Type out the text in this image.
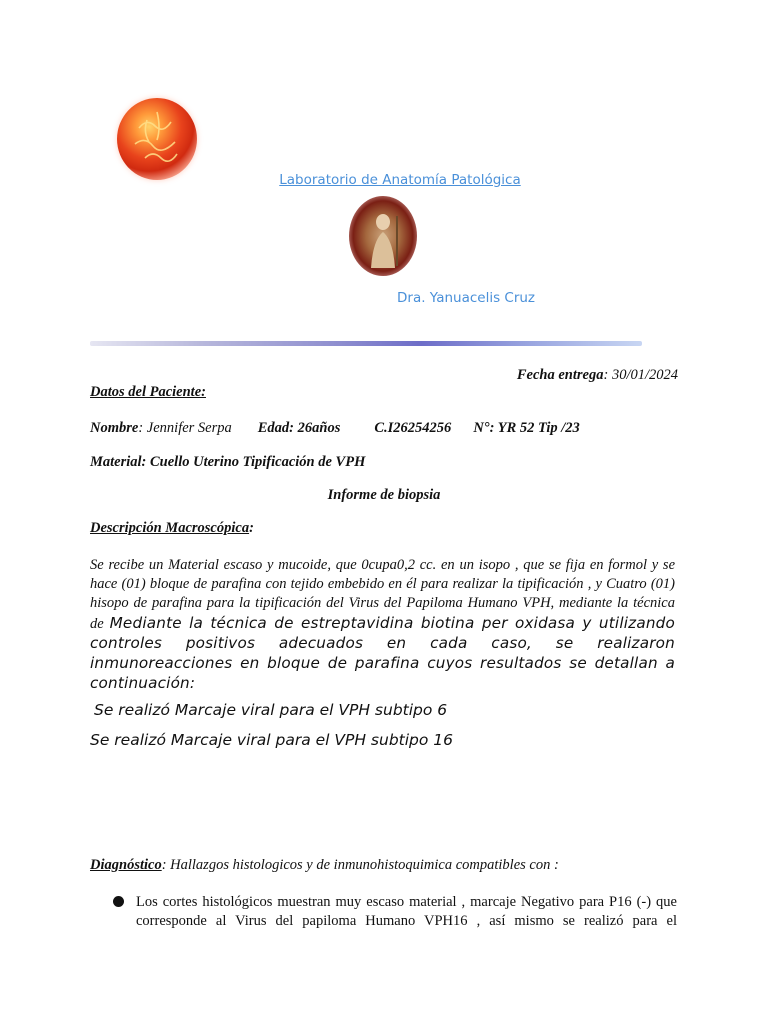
Laboratorio de Anatomía Patológica
Dra. Yanuacelis Cruz
Fecha entrega: 30/01/2024
Datos del Paciente:
Nombre: Jennifer Serpa Edad: 26años C.I26254256 N°: YR 52 Tip /23
Material: Cuello Uterino Tipificación de VPH
Informe de biopsia
Descripción Macroscópica:
Se recibe un Material escaso y mucoide, que 0cupa0,2 cc. en un isopo , que se fija en formol y se hace (01) bloque de parafina con tejido embebido en él para realizar la tipificación , y Cuatro (01) hisopo de parafina para la tipificación del Virus del Papiloma Humano VPH, mediante la técnica de Mediante la técnica de estreptavidina biotina per oxidasa y utilizando controles positivos adecuados en cada caso, se realizaron inmunoreacciones en bloque de parafina cuyos resultados se detallan a continuación:
Se realizó Marcaje viral para el VPH subtipo 6
Se realizó Marcaje viral para el VPH subtipo 16
Diagnóstico: Hallazgos histologicos y de inmunohistoquimica compatibles con :
Los cortes histológicos muestran muy escaso material , marcaje Negativo para P16 (-) que corresponde al Virus del papiloma Humano VPH16 , así mismo se realizó para el
